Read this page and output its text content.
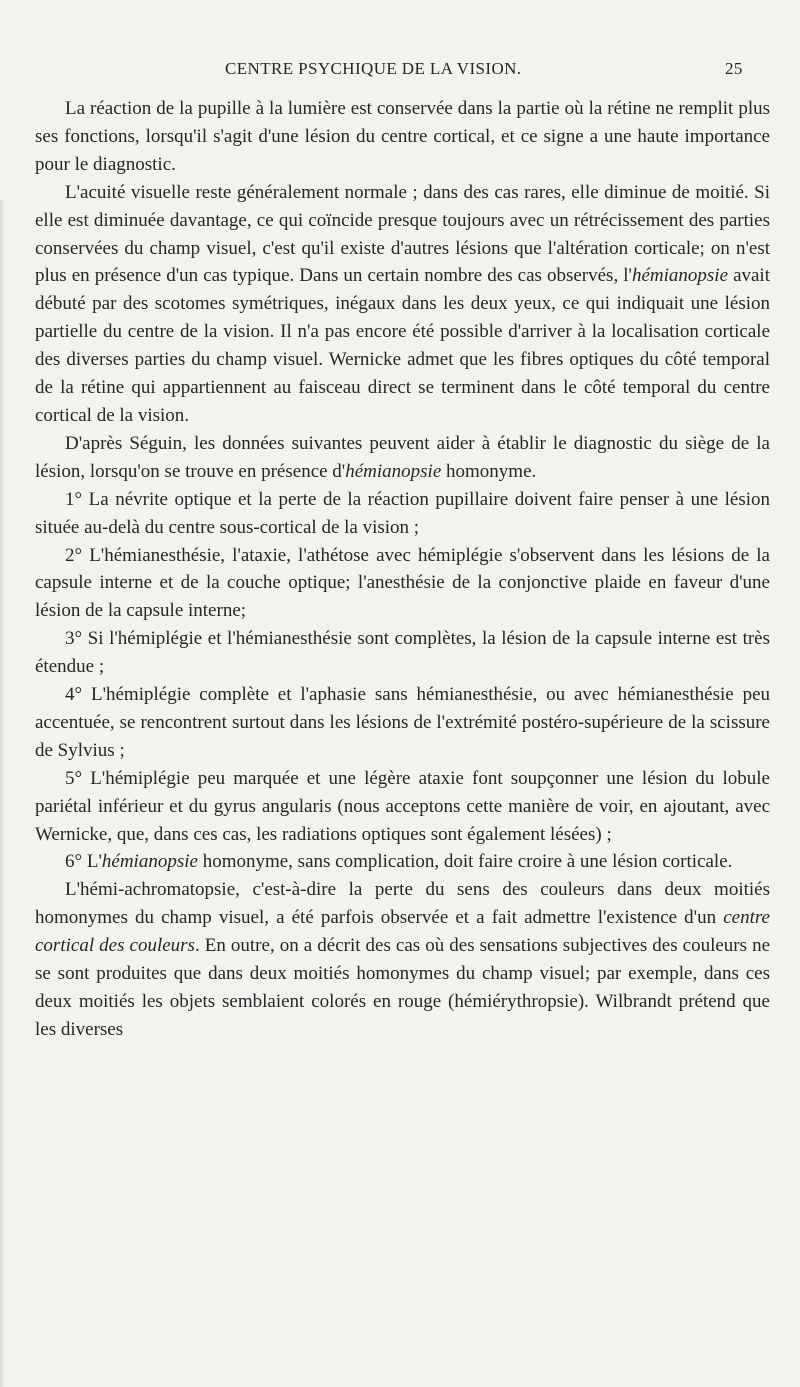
CENTRE PSYCHIQUE DE LA VISION.	25

La réaction de la pupille à la lumière est conservée dans la partie où la rétine ne remplit plus ses fonctions, lorsqu'il s'agit d'une lésion du centre cortical, et ce signe a une haute importance pour le diagnostic.

L'acuité visuelle reste généralement normale ; dans des cas rares, elle diminue de moitié. Si elle est diminuée davantage, ce qui coïncide presque toujours avec un rétrécissement des parties conservées du champ visuel, c'est qu'il existe d'autres lésions que l'altération corticale; on n'est plus en présence d'un cas typique. Dans un certain nombre des cas observés, l'hémianopsie avait débuté par des scotomes symétriques, inégaux dans les deux yeux, ce qui indiquait une lésion partielle du centre de la vision. Il n'a pas encore été possible d'arriver à la localisation corticale des diverses parties du champ visuel. Wernicke admet que les fibres optiques du côté temporal de la rétine qui appartiennent au faisceau direct se terminent dans le côté temporal du centre cortical de la vision.

D'après Séguin, les données suivantes peuvent aider à établir le diagnostic du siège de la lésion, lorsqu'on se trouve en présence d'hémianopsie homonyme.

1° La névrite optique et la perte de la réaction pupillaire doivent faire penser à une lésion située au-delà du centre sous-cortical de la vision ;

2° L'hémianesthésie, l'ataxie, l'athétose avec hémiplégie s'observent dans les lésions de la capsule interne et de la couche optique; l'anesthésie de la conjonctive plaide en faveur d'une lésion de la capsule interne;

3° Si l'hémiplégie et l'hémianesthésie sont complètes, la lésion de la capsule interne est très étendue ;

4° L'hémiplégie complète et l'aphasie sans hémianesthésie, ou avec hémianesthésie peu accentuée, se rencontrent surtout dans les lésions de l'extrémité postéro-supérieure de la scissure de Sylvius ;

5° L'hémiplégie peu marquée et une légère ataxie font soupçonner une lésion du lobule pariétal inférieur et du gyrus angularis (nous acceptons cette manière de voir, en ajoutant, avec Wernicke, que, dans ces cas, les radiations optiques sont également lésées) ;

6° L'hémianopsie homonyme, sans complication, doit faire croire à une lésion corticale.

L'hémi-achromatopsie, c'est-à-dire la perte du sens des couleurs dans deux moitiés homonymes du champ visuel, a été parfois observée et a fait admettre l'existence d'un centre cortical des couleurs. En outre, on a décrit des cas où des sensations subjectives des couleurs ne se sont produites que dans deux moitiés homonymes du champ visuel; par exemple, dans ces deux moitiés les objets semblaient colorés en rouge (hémiérythropsie). Wilbrandt prétend que les diverses
